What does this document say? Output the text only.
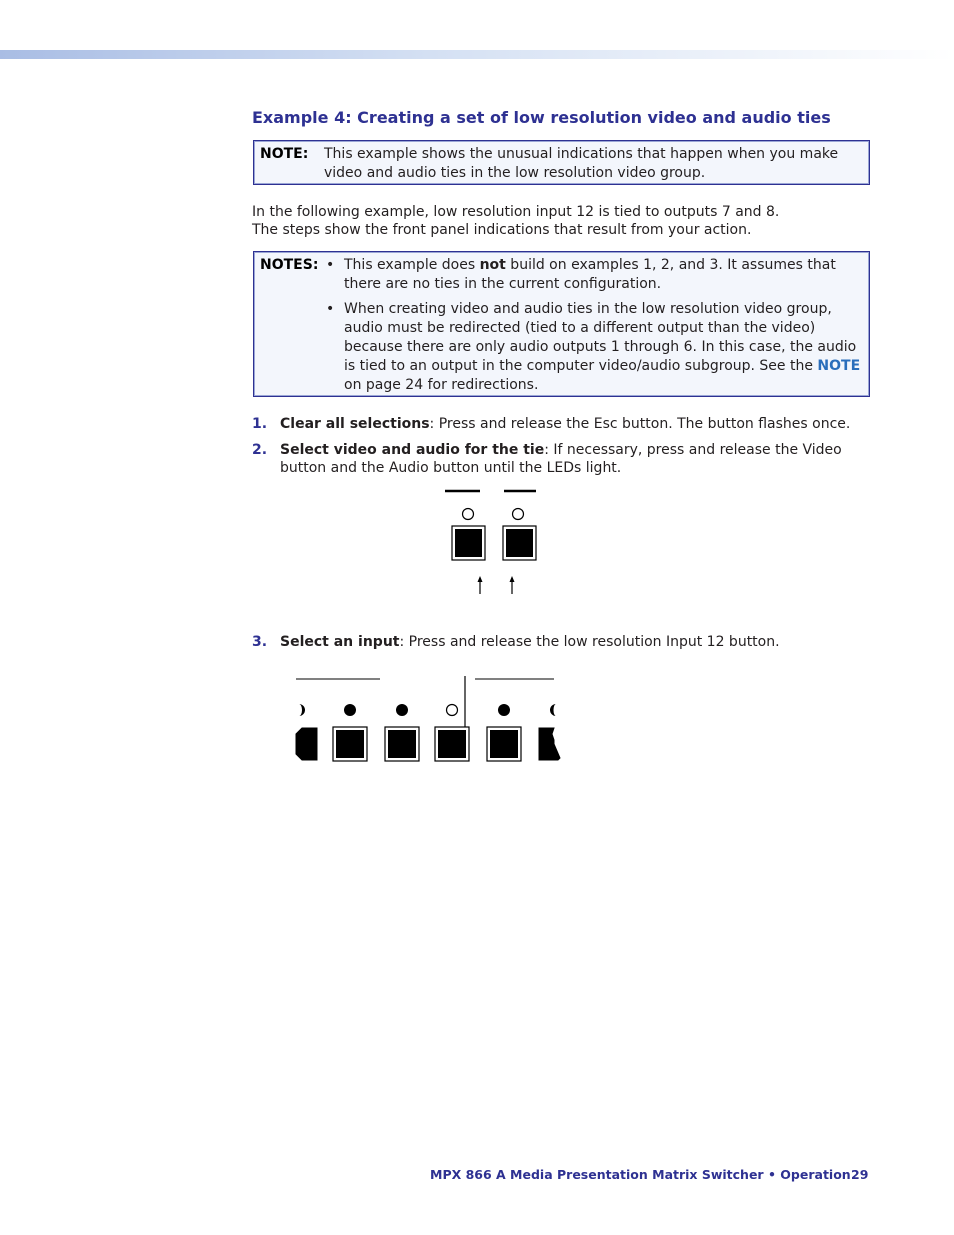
Example 4: Creating a set of low resolution video and audio ties
NOTE: This example shows the unusual indications that happen when you make video and audio ties in the low resolution video group.

In the following example, low resolution input 12 is tied to outputs 7 and 8.

The steps show the front panel indications that result from your action.

NOTES: • This example does not build on examples 1, 2, and 3. It assumes that there are no ties in the current configuration.
• When creating video and audio ties in the low resolution video group, audio must be redirected (tied to a different output than the video) because there are only audio outputs 1 through 6. In this case, the audio is tied to an output in the computer video/audio subgroup. See the NOTE on page 24 for redirections.
1. Clear all selections: Press and release the Esc button. The button flashes once.
2. Select video and audio for the tie: If necessary, press and release the Video button and the Audio button until the LEDs light.
3. Select an input: Press and release the low resolution Input 12 button.
MPX 866 A Media Presentation Matrix Switcher • Operation 29
